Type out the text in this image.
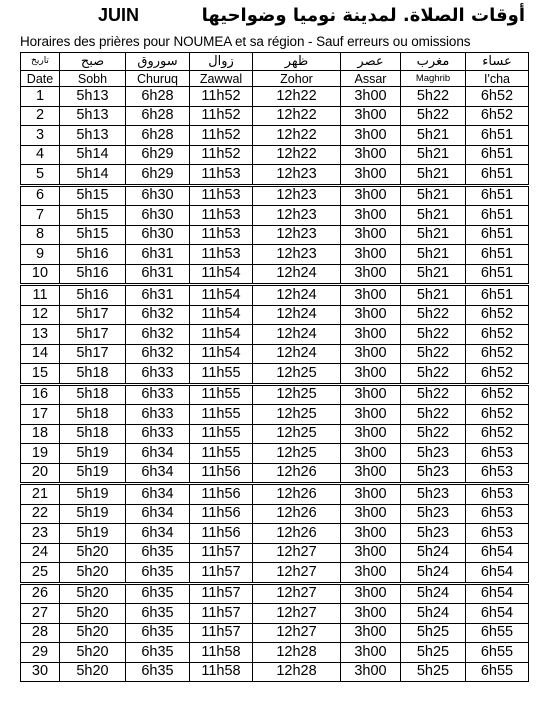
JUIN	أوقات الصلاة. لمدينة نوميا وضواحيها
Horaires des prières pour NOUMEA et sa région - Sauf erreurs ou omissions
تاريخ	صبح	سوروق	زوال	ظهر	عصر	مغرب	عساء
Date	Sobh	Churuq	Zawwal	Zohor	Assar	Maghrib	I'cha
1	5h13	6h28	11h52	12h22	3h00	5h22	6h52
2	5h13	6h28	11h52	12h22	3h00	5h22	6h52
3	5h13	6h28	11h52	12h22	3h00	5h21	6h51
4	5h14	6h29	11h52	12h22	3h00	5h21	6h51
5	5h14	6h29	11h53	12h23	3h00	5h21	6h51
6	5h15	6h30	11h53	12h23	3h00	5h21	6h51
7	5h15	6h30	11h53	12h23	3h00	5h21	6h51
8	5h15	6h30	11h53	12h23	3h00	5h21	6h51
9	5h16	6h31	11h53	12h23	3h00	5h21	6h51
10	5h16	6h31	11h54	12h24	3h00	5h21	6h51
11	5h16	6h31	11h54	12h24	3h00	5h21	6h51
12	5h17	6h32	11h54	12h24	3h00	5h22	6h52
13	5h17	6h32	11h54	12h24	3h00	5h22	6h52
14	5h17	6h32	11h54	12h24	3h00	5h22	6h52
15	5h18	6h33	11h55	12h25	3h00	5h22	6h52
16	5h18	6h33	11h55	12h25	3h00	5h22	6h52
17	5h18	6h33	11h55	12h25	3h00	5h22	6h52
18	5h18	6h33	11h55	12h25	3h00	5h22	6h52
19	5h19	6h34	11h55	12h25	3h00	5h23	6h53
20	5h19	6h34	11h56	12h26	3h00	5h23	6h53
21	5h19	6h34	11h56	12h26	3h00	5h23	6h53
22	5h19	6h34	11h56	12h26	3h00	5h23	6h53
23	5h19	6h34	11h56	12h26	3h00	5h23	6h53
24	5h20	6h35	11h57	12h27	3h00	5h24	6h54
25	5h20	6h35	11h57	12h27	3h00	5h24	6h54
26	5h20	6h35	11h57	12h27	3h00	5h24	6h54
27	5h20	6h35	11h57	12h27	3h00	5h24	6h54
28	5h20	6h35	11h57	12h27	3h00	5h25	6h55
29	5h20	6h35	11h58	12h28	3h00	5h25	6h55
30	5h20	6h35	11h58	12h28	3h00	5h25	6h55
